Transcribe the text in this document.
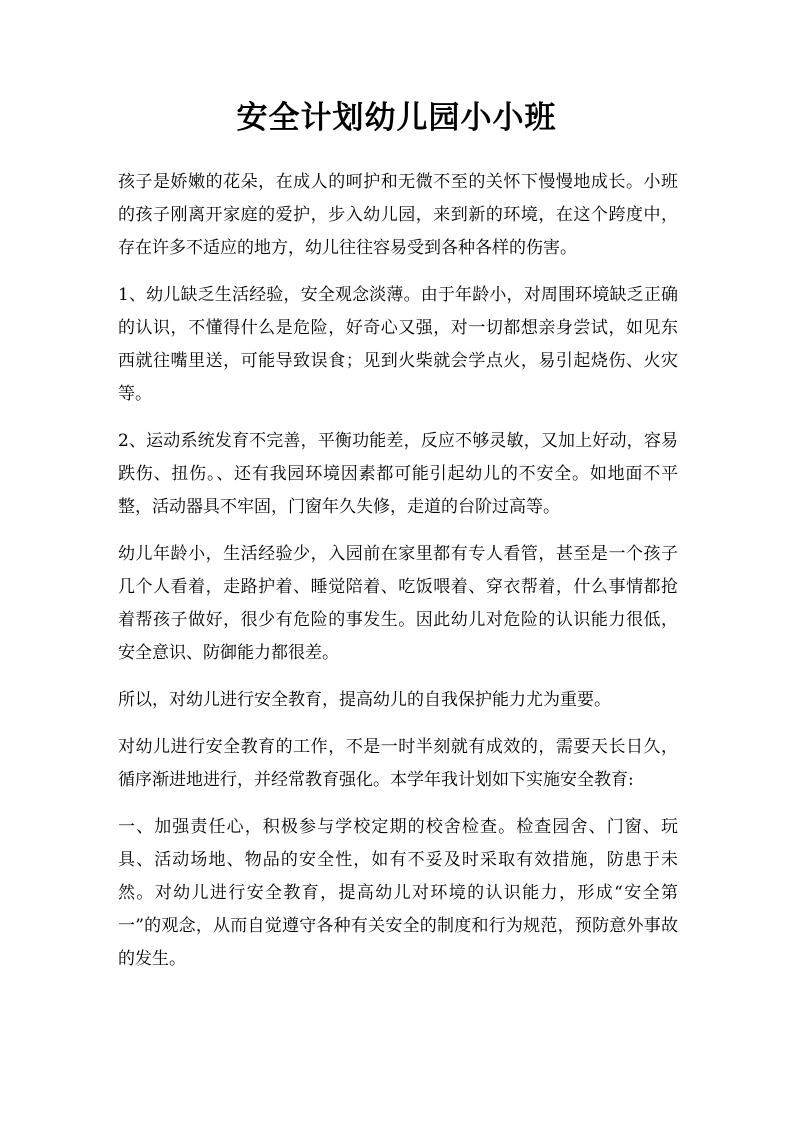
安全计划幼儿园小小班

孩子是娇嫩的花朵，在成人的呵护和无微不至的关怀下慢慢地成长。小班的孩子刚离开家庭的爱护，步入幼儿园，来到新的环境，在这个跨度中，存在许多不适应的地方，幼儿往往容易受到各种各样的伤害。

1、幼儿缺乏生活经验，安全观念淡薄。由于年龄小，对周围环境缺乏正确的认识，不懂得什么是危险，好奇心又强，对一切都想亲身尝试，如见东西就往嘴里送，可能导致误食；见到火柴就会学点火，易引起烧伤、火灾等。

2、运动系统发育不完善，平衡功能差，反应不够灵敏，又加上好动，容易跌伤、扭伤。、还有我园环境因素都可能引起幼儿的不安全。如地面不平整，活动器具不牢固，门窗年久失修，走道的台阶过高等。

幼儿年龄小，生活经验少，入园前在家里都有专人看管，甚至是一个孩子几个人看着，走路护着、睡觉陪着、吃饭喂着、穿衣帮着，什么事情都抢着帮孩子做好，很少有危险的事发生。因此幼儿对危险的认识能力很低，安全意识、防御能力都很差。

所以，对幼儿进行安全教育，提高幼儿的自我保护能力尤为重要。

对幼儿进行安全教育的工作，不是一时半刻就有成效的，需要天长日久，循序渐进地进行，并经常教育强化。本学年我计划如下实施安全教育:

一、加强责任心，积极参与学校定期的校舍检查。检查园舍、门窗、玩具、活动场地、物品的安全性，如有不妥及时采取有效措施，防患于未然。对幼儿进行安全教育，提高幼儿对环境的认识能力，形成“安全第一”的观念，从而自觉遵守各种有关安全的制度和行为规范，预防意外事故的发生。
